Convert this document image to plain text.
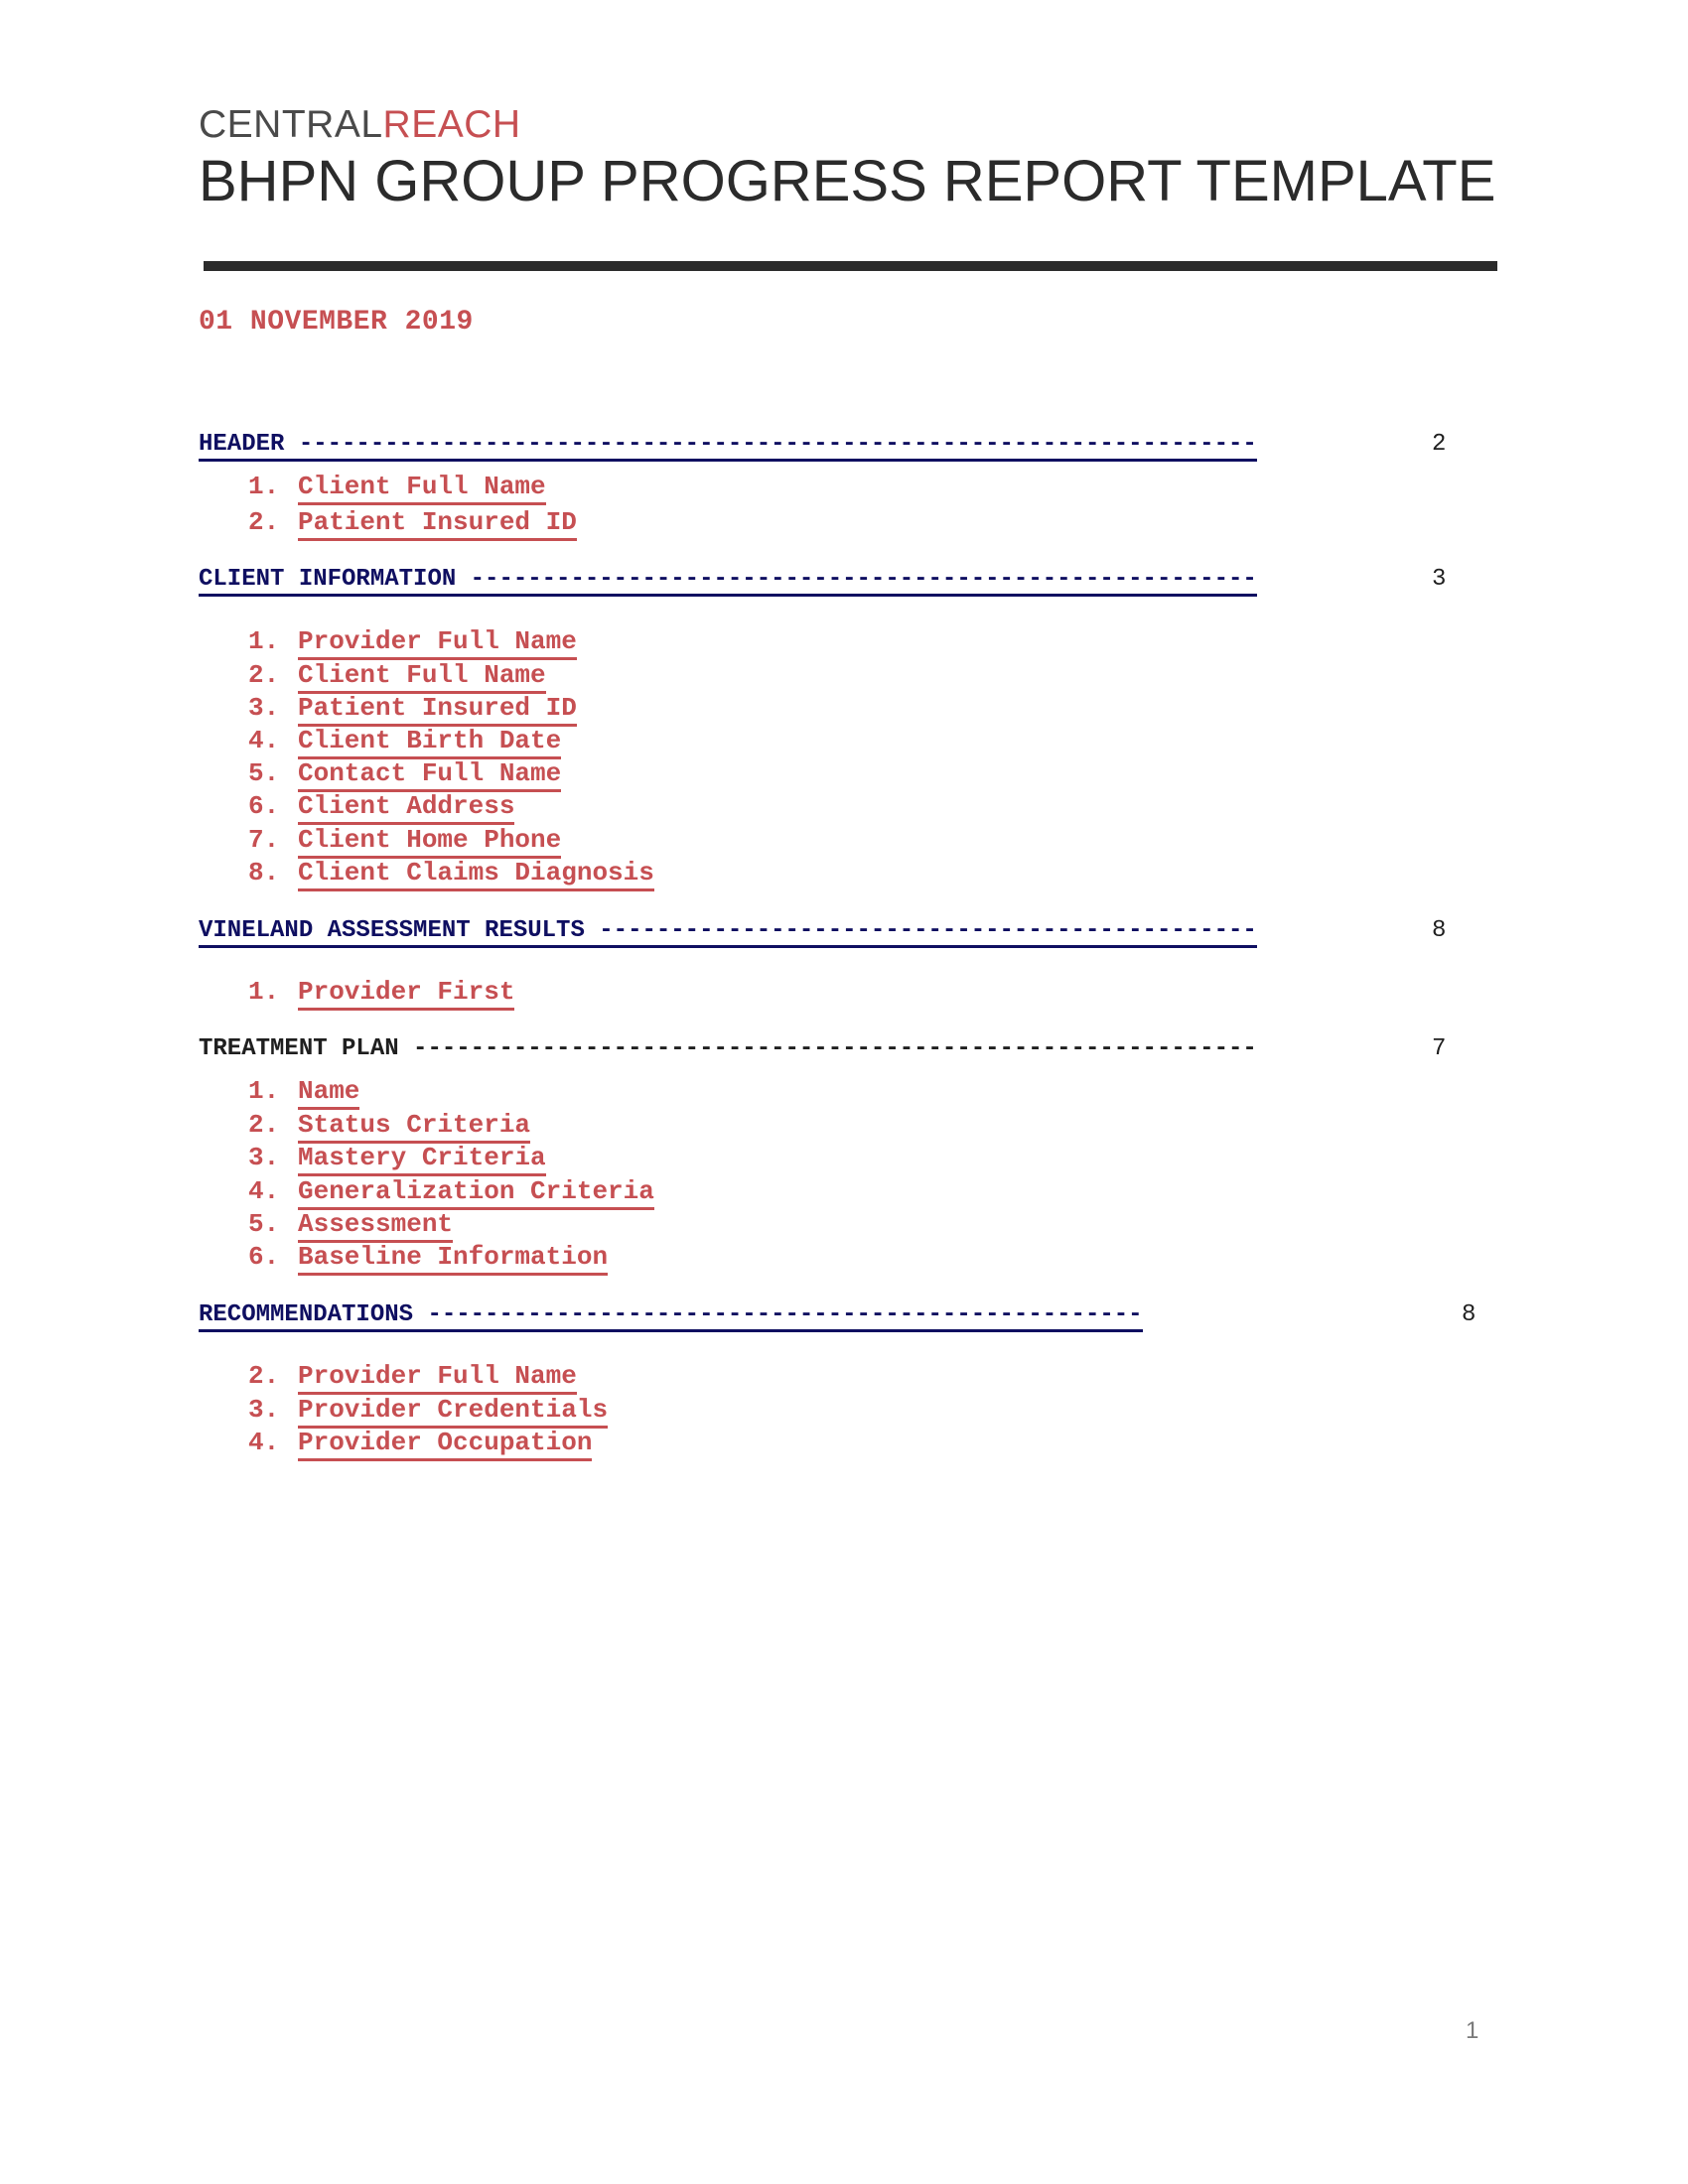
CENTRALREACH
BHPN GROUP PROGRESS REPORT TEMPLATE
01 NOVEMBER 2019
HEADER -------------------------------------------------------------------	2
1. Client Full Name
2. Patient Insured ID
CLIENT INFORMATION -------------------------------------------------------	3
1. Provider Full Name
2. Client Full Name
3. Patient Insured ID
4. Client Birth Date
5. Contact Full Name
6. Client Address
7. Client Home Phone
8. Client Claims Diagnosis
VINELAND ASSESSMENT RESULTS ----------------------------------------------	8
1. Provider First
TREATMENT PLAN -----------------------------------------------------------	7
1. Name
2. Status Criteria
3. Mastery Criteria
4. Generalization Criteria
5. Assessment
6. Baseline Information
RECOMMENDATIONS --------------------------------------------------	8
2. Provider Full Name
3. Provider Credentials
4. Provider Occupation
1
